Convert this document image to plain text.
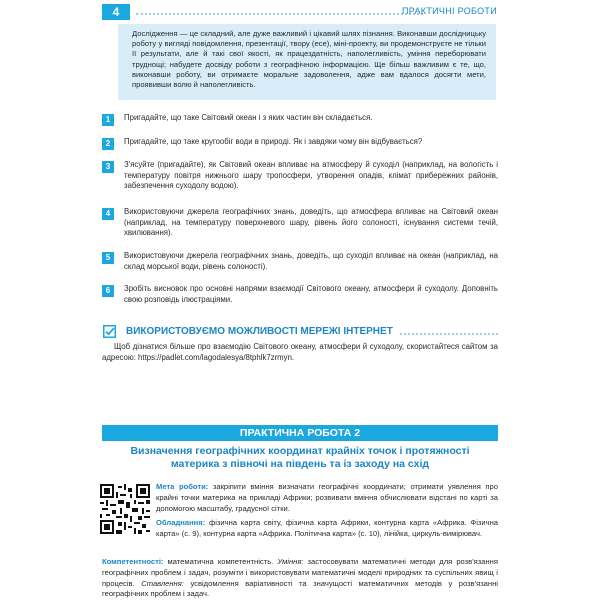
4	ПРАКТИЧНІ РОБОТИ
Дослідження — це складний, але дуже важливий і цікавий шлях пізнання. Виконавши дослідницьку роботу у вигляді повідомлення, презентації, твору (есе), міні-проекту, ви продемонструєте не тільки її результати, але й такі свої якості, як працездатність, наполегливість, уміння переборювати труднощі; набудете досвіду роботи з географічною інформацією. Ще більш важливим є те, що, виконавши роботу, ви отримаєте моральне задоволення, адже вам вдалося досягти мети, проявивши волю й наполегливість.
1	Пригадайте, що таке Світовий океан і з яких частин він складається.
2	Пригадайте, що таке кругообіг води в природі. Як і завдяки чому він відбувається?
3	З'ясуйте (пригадайте), як Світовий океан впливає на атмосферу й суходіл (наприклад, на вологість і температуру повітря нижнього шару тропосфери, утворення опадів, клімат прибережних районів, забезпечення суходолу водою).
4	Використовуючи джерела географічних знань, доведіть, що атмосфера впливає на Світовий океан (наприклад, на температуру поверхневого шару, рівень його солоності, існування системи течій, хвилювання).
5	Використовуючи джерела географічних знань, доведіть, що суходіл впливає на океан (наприклад, на склад морської води, рівень солоності).
6	Зробіть висновок про основні напрями взаємодії Світового океану, атмосфери й суходолу. Доповніть свою розповідь ілюстраціями.
ВИКОРИСТОВУЄМО МОЖЛИВОСТІ МЕРЕЖІ ІНТЕРНЕТ
Щоб дізнатися більше про взаємодію Світового океану, атмосфери й суходолу, скористайтеся сайтом за адресою: https://padlet.com/lagodalesya/8tphlk7zrmyn.
ПРАКТИЧНА РОБОТА 2
Визначення географічних координат крайніх точок і протяжності материка з півночі на південь та із заходу на схід
Мета роботи: закріпити вміння визначати географічні координати; отримати уявлення про крайні точки материка на прикладі Африки; розвивати вміння обчислювати відстані по карті за допомогою масштабу, градусної сітки.
Обладнання: фізична карта світу, фізична карта Африки, контурна карта «Африка. Фізична карта» (с. 9), контурна карта «Африка. Політична карта» (с. 10), лінійка, циркуль-вимірювач.
Компетентності: математична компетентність. Уміння: застосовувати математичні методи для розв'язання географічних проблем і задач, розуміти і використовувати математичні моделі природних та суспільних явищ і процесів. Ставлення: усвідомлення варіативності та значущості математичних методів у розв'язанні географічних проблем і задач.
